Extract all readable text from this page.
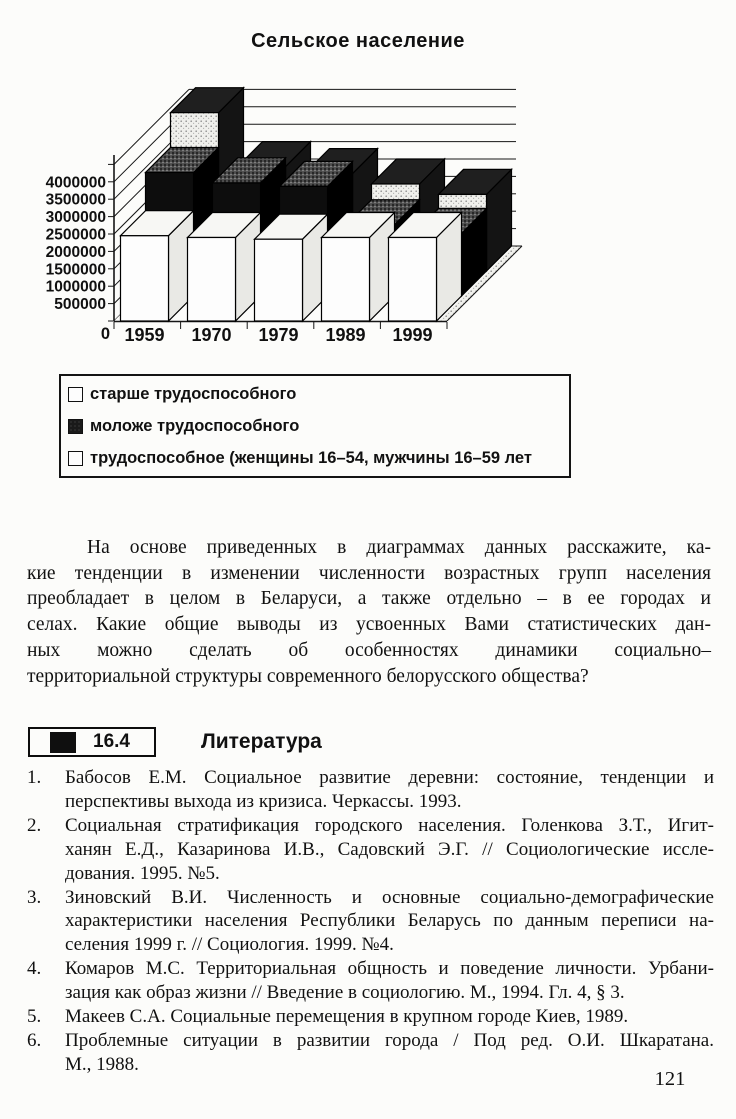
Сельское население
500000
1000000
1500000
2000000
2500000
3000000
3500000
4000000
0 1959 1970 1979 1989 1999
старше трудоспособного
моложе трудоспособного
трудоспособное (женщины 16–54, мужчины 16–59 лет
На основе приведенных в диаграммах данных расскажите, ка-
кие тенденции в изменении численности возрастных групп населения
преобладает в целом в Беларуси, а также отдельно – в ее городах и
селах. Какие общие выводы из усвоенных Вами статистических дан-
ных можно сделать об особенностях динамики социально–
территориальной структуры современного белорусского общества?
16.4	Литература
1.	Бабосов Е.М. Социальное развитие деревни: состояние, тенденции и
перспективы выхода из кризиса. Черкассы. 1993.
2.	Социальная стратификация городского населения. Голенкова З.Т., Игит-
ханян Е.Д., Казаринова И.В., Садовский Э.Г. // Социологические иссле-
дования. 1995. №5.
3.	Зиновский В.И. Численность и основные социально-демографические
характеристики населения Республики Беларусь по данным переписи на-
селения 1999 г. // Социология. 1999. №4.
4.	Комаров М.С. Территориальная общность и поведение личности. Урбани-
зация как образ жизни // Введение в социологию. М., 1994. Гл. 4, § 3.
5.	Макеев С.А. Социальные перемещения в крупном городе Киев, 1989.
6.	Проблемные ситуации в развитии города / Под ред. О.И. Шкаратана.
М., 1988.
121
